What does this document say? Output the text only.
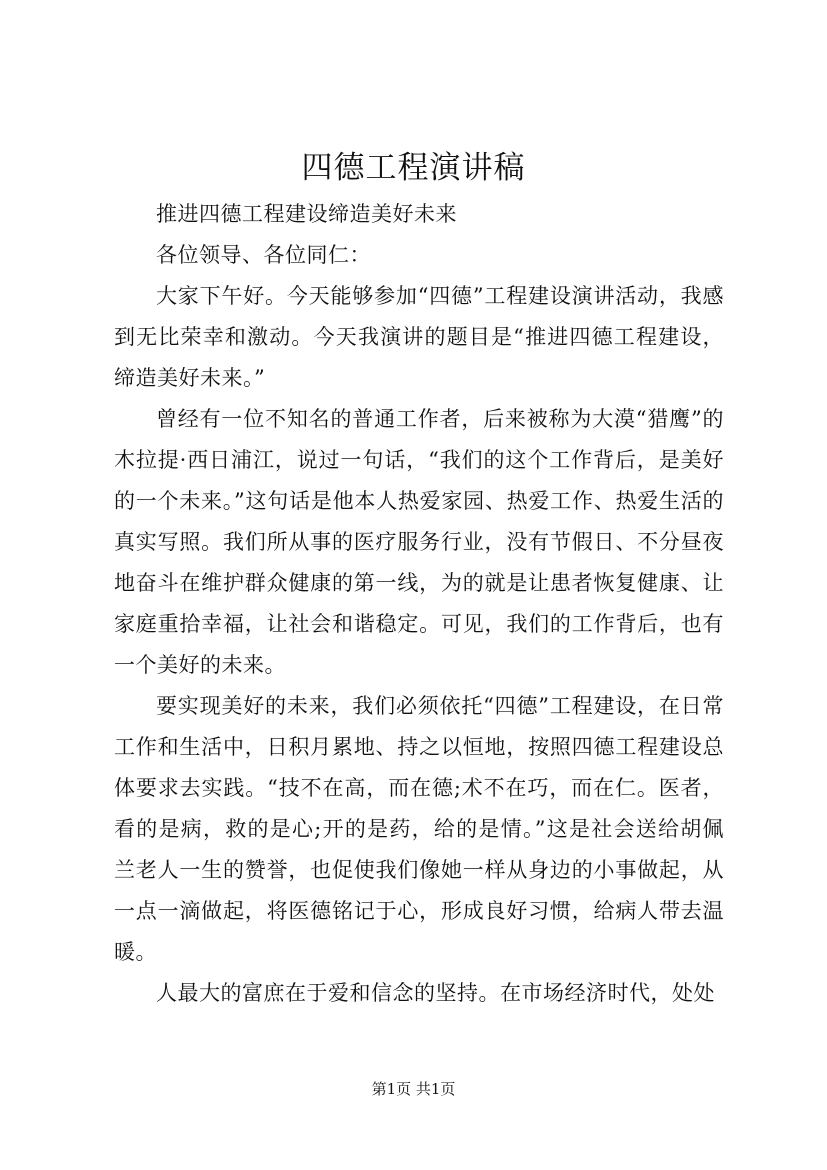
四德工程演讲稿

推进四德工程建设缔造美好未来

各位领导、各位同仁：

大家下午好。今天能够参加“四德”工程建设演讲活动，我感到无比荣幸和激动。今天我演讲的题目是“推进四德工程建设，缔造美好未来。”

曾经有一位不知名的普通工作者，后来被称为大漠“猎鹰”的木拉提·西日浦江，说过一句话，“我们的这个工作背后，是美好的一个未来。”这句话是他本人热爱家园、热爱工作、热爱生活的真实写照。我们所从事的医疗服务行业，没有节假日、不分昼夜地奋斗在维护群众健康的第一线，为的就是让患者恢复健康、让家庭重拾幸福，让社会和谐稳定。可见，我们的工作背后，也有一个美好的未来。

要实现美好的未来，我们必须依托“四德”工程建设，在日常工作和生活中，日积月累地、持之以恒地，按照四德工程建设总体要求去实践。“技不在高，而在德;术不在巧，而在仁。医者，看的是病，救的是心;开的是药，给的是情。”这是社会送给胡佩兰老人一生的赞誉，也促使我们像她一样从身边的小事做起，从一点一滴做起，将医德铭记于心，形成良好习惯，给病人带去温暖。

人最大的富庶在于爱和信念的坚持。在市场经济时代，处处

第1页 共1页
